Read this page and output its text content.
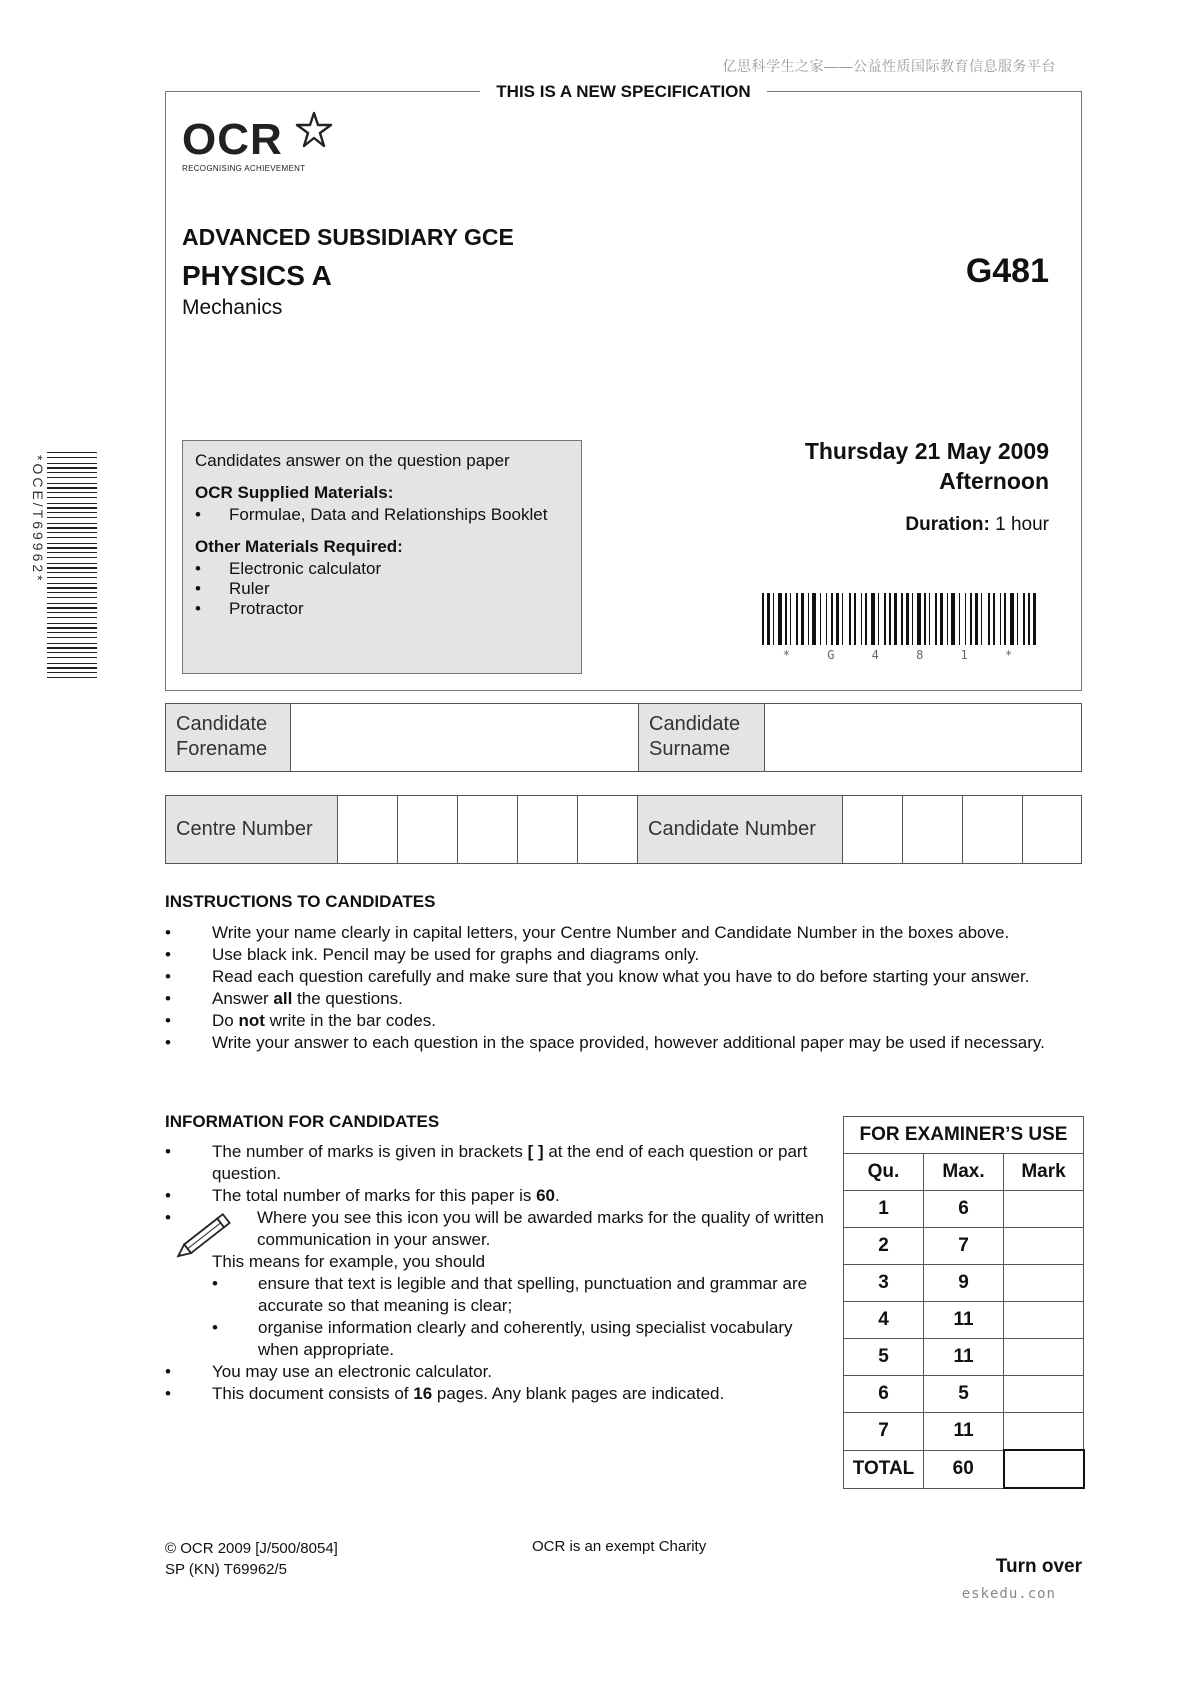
亿思科学生之家——公益性质国际教育信息服务平台
THIS IS A NEW SPECIFICATION
OCR
RECOGNISING ACHIEVEMENT
ADVANCED SUBSIDIARY GCE
PHYSICS A
Mechanics
G481
Candidates answer on the question paper
OCR Supplied Materials:
• Formulae, Data and Relationships Booklet
Other Materials Required:
• Electronic calculator
• Ruler
• Protractor
Thursday 21 May 2009
Afternoon
Duration: 1 hour
* G 4 8 1 *
*OCE/T69962*
Candidate Forename
Candidate Surname
Centre Number	Candidate Number
INSTRUCTIONS TO CANDIDATES
• Write your name clearly in capital letters, your Centre Number and Candidate Number in the boxes above.
• Use black ink. Pencil may be used for graphs and diagrams only.
• Read each question carefully and make sure that you know what you have to do before starting your answer.
• Answer all the questions.
• Do not write in the bar codes.
• Write your answer to each question in the space provided, however additional paper may be used if necessary.
INFORMATION FOR CANDIDATES
• The number of marks is given in brackets [ ] at the end of each question or part question.
• The total number of marks for this paper is 60.
• Where you see this icon you will be awarded marks for the quality of written communication in your answer.
This means for example, you should
• ensure that text is legible and that spelling, punctuation and grammar are accurate so that meaning is clear;
• organise information clearly and coherently, using specialist vocabulary when appropriate.
• You may use an electronic calculator.
• This document consists of 16 pages. Any blank pages are indicated.
FOR EXAMINER’S USE		
Qu.	Max.	Mark
1	6	
2	7	
3	9	
4	11	
5	11	
6	5	
7	11	
TOTAL	60	
© OCR 2009 [J/500/8054]
SP (KN) T69962/5
OCR is an exempt Charity
Turn over
eskedu.con
